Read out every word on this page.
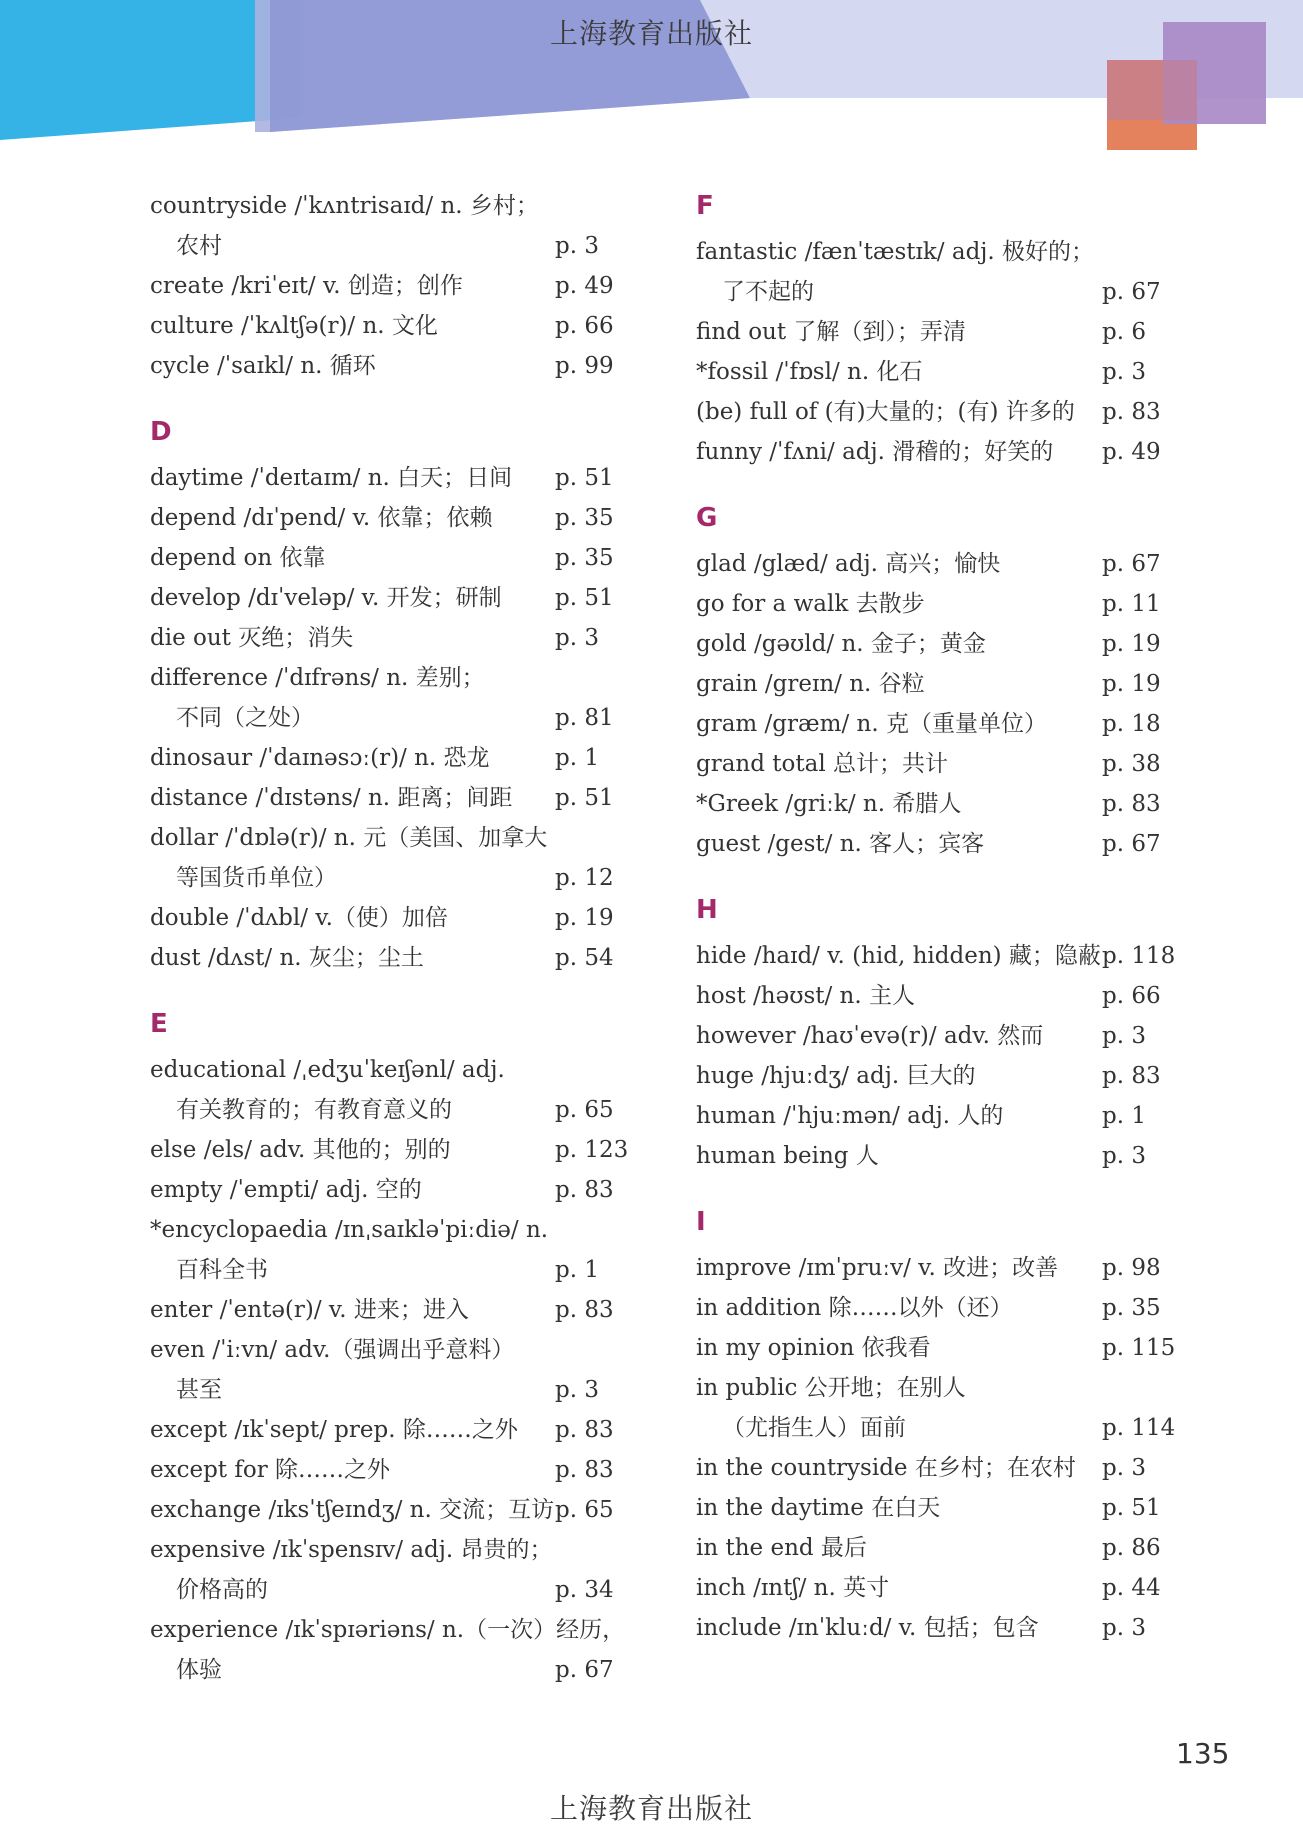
上海教育出版社
countryside /ˈkʌntrisaɪd/ n. 乡村；
农村	p. 3
create /kriˈeɪt/ v. 创造；创作	p. 49
culture /ˈkʌltʃə(r)/ n. 文化	p. 66
cycle /ˈsaɪkl/ n. 循环	p. 99
D
daytime /ˈdeɪtaɪm/ n. 白天；日间 p. 51
depend /dɪˈpend/ v. 依靠；依赖	p. 35
depend on 依靠	p. 35
develop /dɪˈveləp/ v. 开发；研制 p. 51
die out 灭绝；消失	p. 3
difference /ˈdɪfrəns/ n. 差别；
不同（之处）	p. 81
dinosaur /ˈdaɪnəsɔː(r)/ n. 恐龙	p. 1
distance /ˈdɪstəns/ n. 距离；间距 p. 51
dollar /ˈdɒlə(r)/ n. 元（美国、加拿大
等国货币单位）	p. 12
double /ˈdʌbl/ v.（使）加倍	p. 19
dust /dʌst/ n. 灰尘；尘土	p. 54
E
educational /ˌedʒuˈkeɪʃənl/ adj.
有关教育的；有教育意义的	p. 65
else /els/ adv. 其他的；别的	p. 123
empty /ˈempti/ adj. 空的	p. 83
*encyclopaedia /ɪnˌsaɪkləˈpiːdiə/ n.
百科全书	p. 1
enter /ˈentə(r)/ v. 进来；进入	p. 83
even /ˈiːvn/ adv.（强调出乎意料）
甚至	p. 3
except /ɪkˈsept/ prep. 除……之外 p. 83
except for 除……之外	p. 83
exchange /ɪksˈtʃeɪndʒ/ n. 交流；互访 p. 65
expensive /ɪkˈspensɪv/ adj. 昂贵的；
价格高的	p. 34
experience /ɪkˈspɪəriəns/ n.（一次）经历，
体验	p. 67
F
fantastic /fænˈtæstɪk/ adj. 极好的；
了不起的	p. 67
find out 了解（到）；弄清	p. 6
*fossil /ˈfɒsl/ n. 化石	p. 3
(be) full of (有)大量的；(有) 许多的 p. 83
funny /ˈfʌni/ adj. 滑稽的；好笑的 p. 49
G
glad /glæd/ adj. 高兴；愉快	p. 67
go for a walk 去散步	p. 11
gold /gəʊld/ n. 金子；黄金	p. 19
grain /greɪn/ n. 谷粒	p. 19
gram /græm/ n. 克（重量单位） p. 18
grand total 总计；共计	p. 38
*Greek /griːk/ n. 希腊人	p. 83
guest /gest/ n. 客人；宾客	p. 67
H
hide /haɪd/ v. (hid, hidden) 藏；隐蔽 p. 118
host /həʊst/ n. 主人	p. 66
however /haʊˈevə(r)/ adv. 然而	p. 3
huge /hjuːdʒ/ adj. 巨大的	p. 83
human /ˈhjuːmən/ adj. 人的	p. 1
human being 人	p. 3
I
improve /ɪmˈpruːv/ v. 改进；改善 p. 98
in addition 除……以外（还）	p. 35
in my opinion 依我看	p. 115
in public 公开地；在别人
（尤指生人）面前	p. 114
in the countryside 在乡村；在农村 p. 3
in the daytime 在白天	p. 51
in the end 最后	p. 86
inch /ɪntʃ/ n. 英寸	p. 44
include /ɪnˈkluːd/ v. 包括；包含	p. 3
135
上海教育出版社
